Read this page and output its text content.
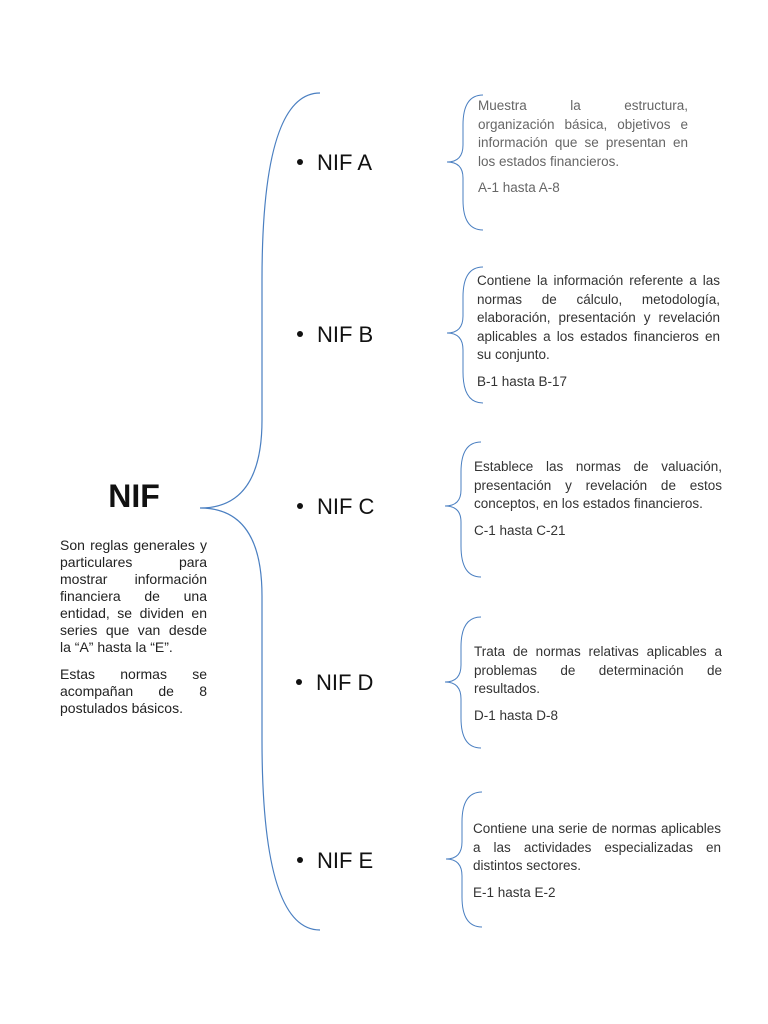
NIF

Son reglas generales y particulares para mostrar información financiera de una entidad, se dividen en series que van desde la “A” hasta la “E”.

Estas normas se acompañan de 8 postulados básicos.

NIF A
NIF B
NIF C
NIF D
NIF E

Muestra la estructura, organización básica, objetivos e información que se presentan en los estados financieros.

A-1 hasta A-8

Contiene la información referente a las normas de cálculo, metodología, elaboración, presentación y revelación aplicables a los estados financieros en su conjunto.

B-1 hasta B-17

Establece las normas de valuación, presentación y revelación de estos conceptos, en los estados financieros.

C-1 hasta C-21

Trata de normas relativas aplicables a problemas de determinación de resultados.

D-1 hasta D-8

Contiene una serie de normas aplicables a las actividades especializadas en distintos sectores.

E-1 hasta E-2
